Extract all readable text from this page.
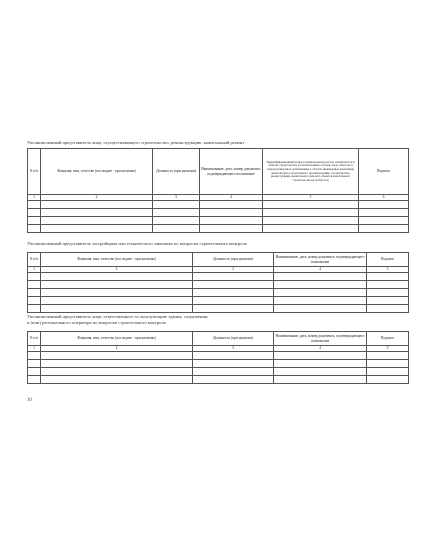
Уполномоченный представитель лица, осуществляющего строительство, реконструкцию, капитальный ремонт
N п/п	Фамилия, имя, отчество (последнее - при наличии)	Должность (при наличии)	Наименование, дата, номер документа, подтверждающего полномочие	Идентификационный номер в национальном реестре специалистов в области строительства (за исключением случаев, когда членство в саморегулируемых организациях в области инженерных изысканий, архитектурно-строительного проектирования, строительства, реконструкции, капитального ремонта объектов капитального строительства не требуется)	Подпись
1	2	3	4	5	6

Уполномоченный представитель застройщика или технического заказчика по вопросам строительного контроля
N п/п	Фамилия, имя, отчество (последнее - при наличии)	Должность (при наличии)	Наименование, дата, номер документа, подтверждающего полномочие	Подпись
1	2	3	4	5

Уполномоченный представитель лица, ответственного за эксплуатацию здания, сооружения,
и (или) регионального оператора по вопросам строительного контроля
N п/п	Фамилия, имя, отчество (последнее - при наличии)	Должность (при наличии)	Наименование, дата, номер документа, подтверждающего полномочие	Подпись
1	2	3	4	5

10
